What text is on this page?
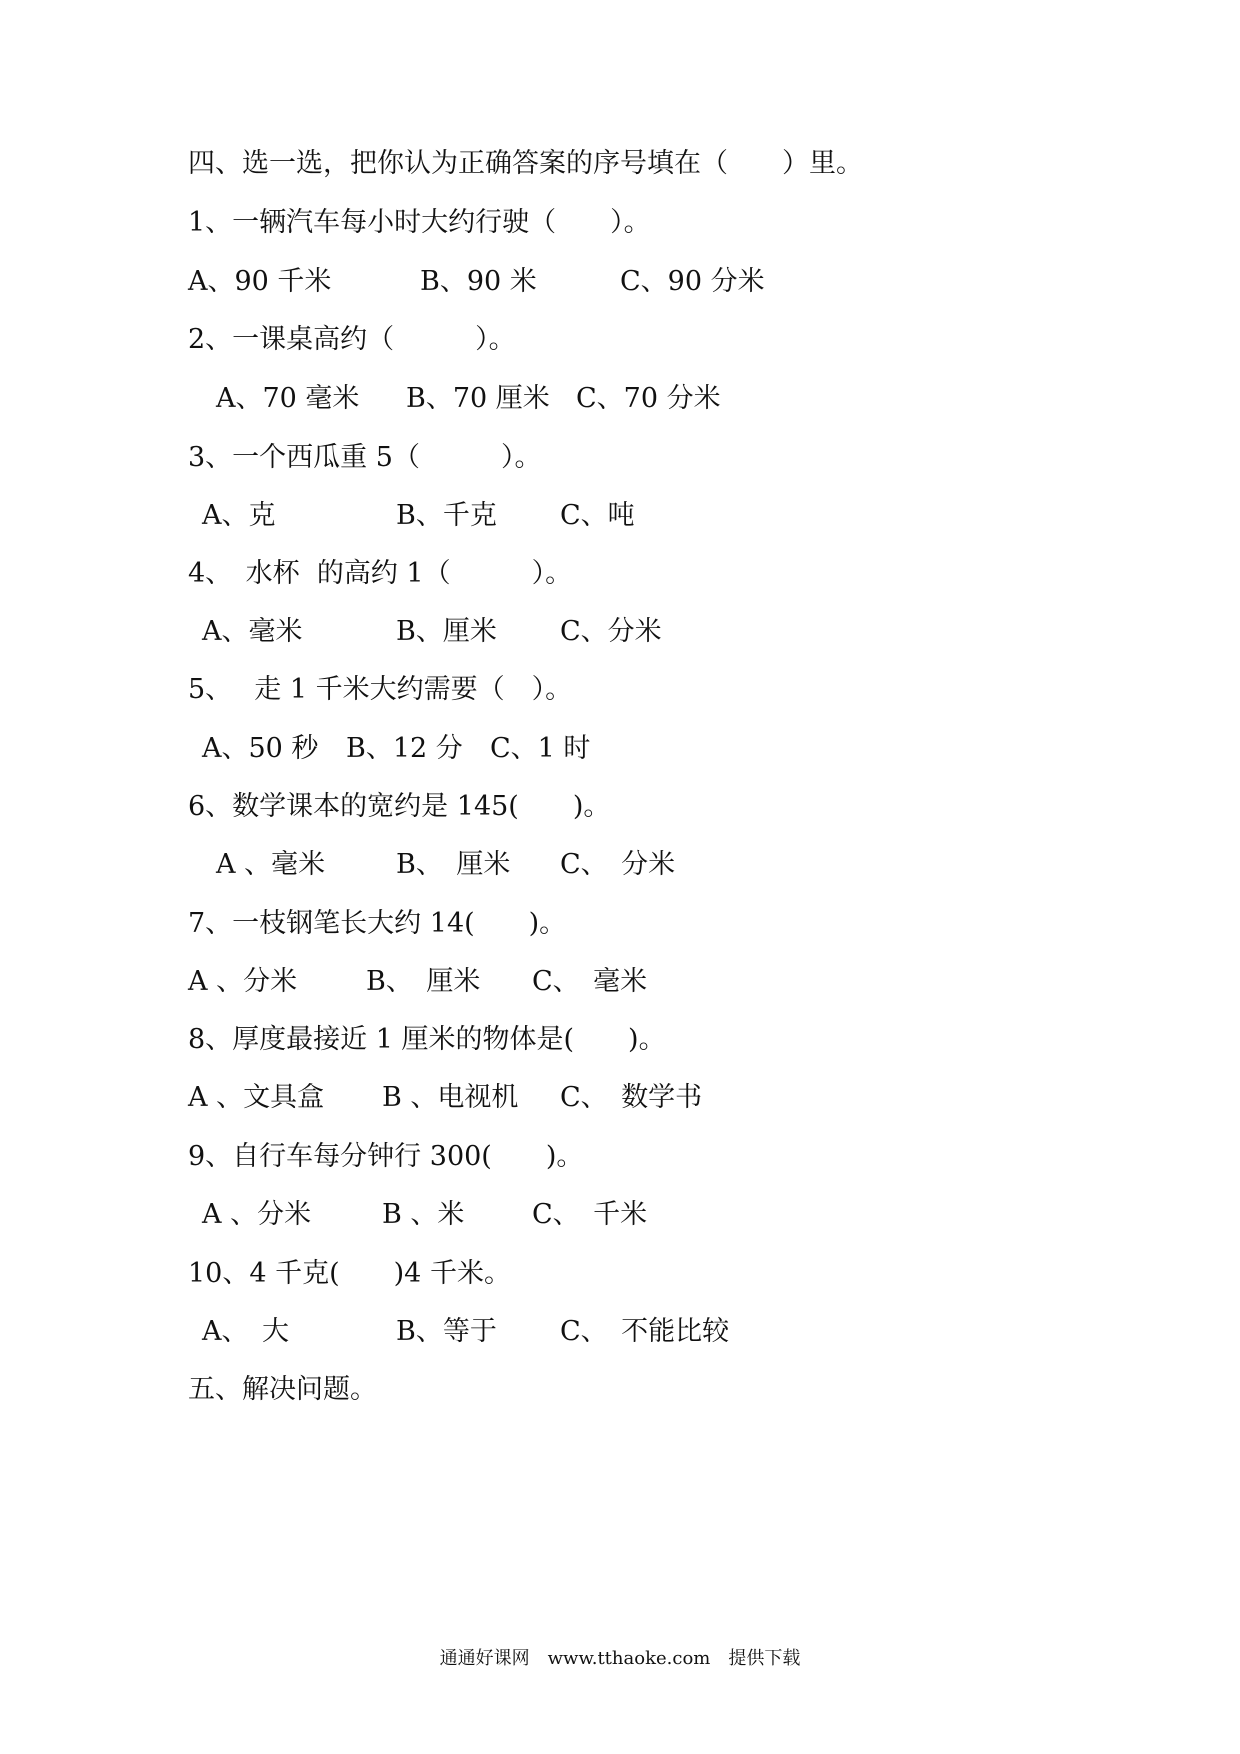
四、选一选，把你认为正确答案的序号填在（　　）里。
1、一辆汽车每小时大约行驶（　　）。
A、90 千米	B、90 米	C、90 分米
2、一课桌高约（　　　）。
A、70 毫米 B、70 厘米 C、70 分米
3、一个西瓜重 5（　　　）。
A、克	B、千克 C、吨
4、　水杯  的高约 1（　　　）。
A、毫米	B、厘米 C、分米
5、　 走 1 千米大约需要（　）。
A、50 秒 B、12 分 C、1 时
6、数学课本的宽约是 145(　　)。
A 、毫米	B、　厘米 C、　分米
7、一枝钢笔长大约 14(　　)。
A 、分米	B、　厘米 C、　毫米
8、厚度最接近 1 厘米的物体是(　　)。
A 、文具盒 B 、电视机 C、　数学书
9、自行车每分钟行 300(　　)。
A 、分米	B 、米	C、　千米
10、4 千克(　　)4 千米。
A、　大	B、等于 C、　不能比较
五、解决问题。
通通好课网　www.tthaoke.com　提供下载
